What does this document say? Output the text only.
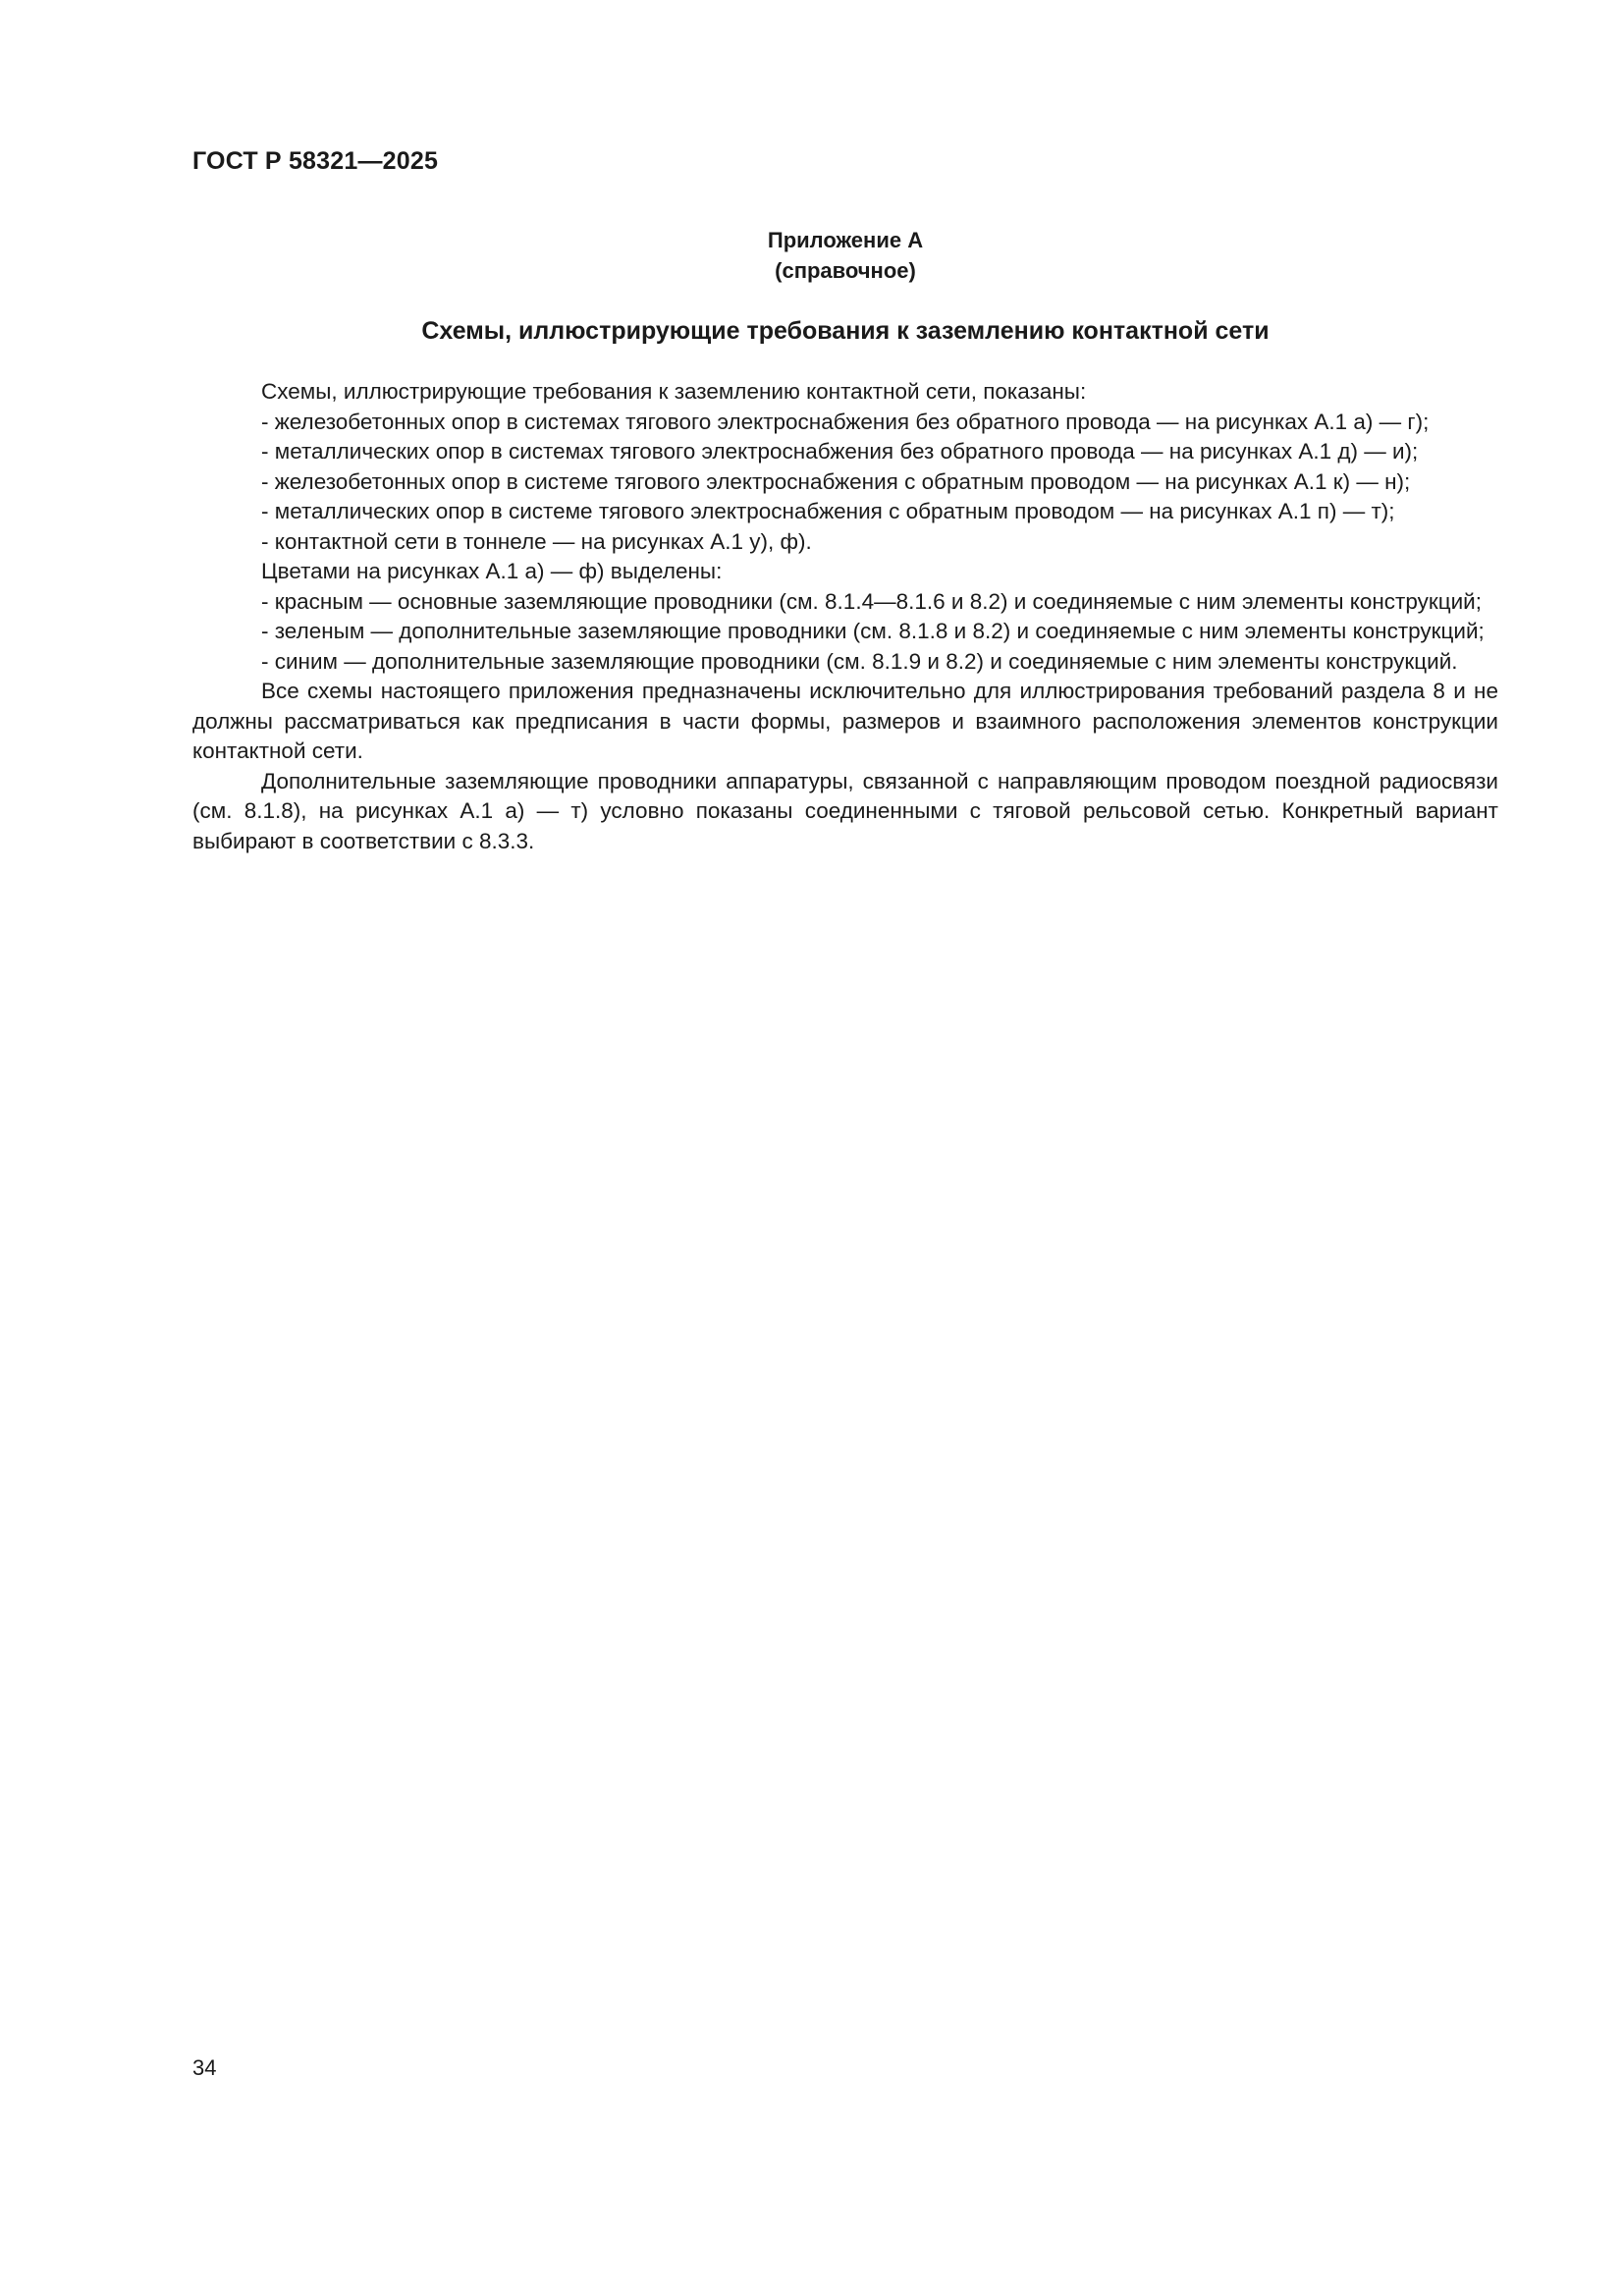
ГОСТ Р 58321—2025
Приложение А
(справочное)
Схемы, иллюстрирующие требования к заземлению контактной сети

Схемы, иллюстрирующие требования к заземлению контактной сети, показаны:

- железобетонных опор в системах тягового электроснабжения без обратного провода — на рисунках А.1 а) — г);

- металлических опор в системах тягового электроснабжения без обратного провода — на рисунках А.1 д) — и);

- железобетонных опор в системе тягового электроснабжения с обратным проводом — на рисунках А.1 к) — н);

- металлических опор в системе тягового электроснабжения с обратным проводом — на рисунках А.1 п) — т);

- контактной сети в тоннеле — на рисунках А.1 у), ф).

Цветами на рисунках А.1 а) — ф) выделены:

- красным — основные заземляющие проводники (см. 8.1.4—8.1.6 и 8.2) и соединяемые с ним элементы конструкций;

- зеленым — дополнительные заземляющие проводники (см. 8.1.8 и 8.2) и соединяемые с ним элементы конструкций;

- синим — дополнительные заземляющие проводники (см. 8.1.9 и 8.2) и соединяемые с ним элементы конструкций.

Все схемы настоящего приложения предназначены исключительно для иллюстрирования требований раздела 8 и не должны рассматриваться как предписания в части формы, размеров и взаимного расположения элементов конструкции контактной сети.

Дополнительные заземляющие проводники аппаратуры, связанной с направляющим проводом поездной радиосвязи (см. 8.1.8), на рисунках А.1 а) — т) условно показаны соединенными с тяговой рельсовой сетью. Конкретный вариант выбирают в соответствии с 8.3.3.

34
